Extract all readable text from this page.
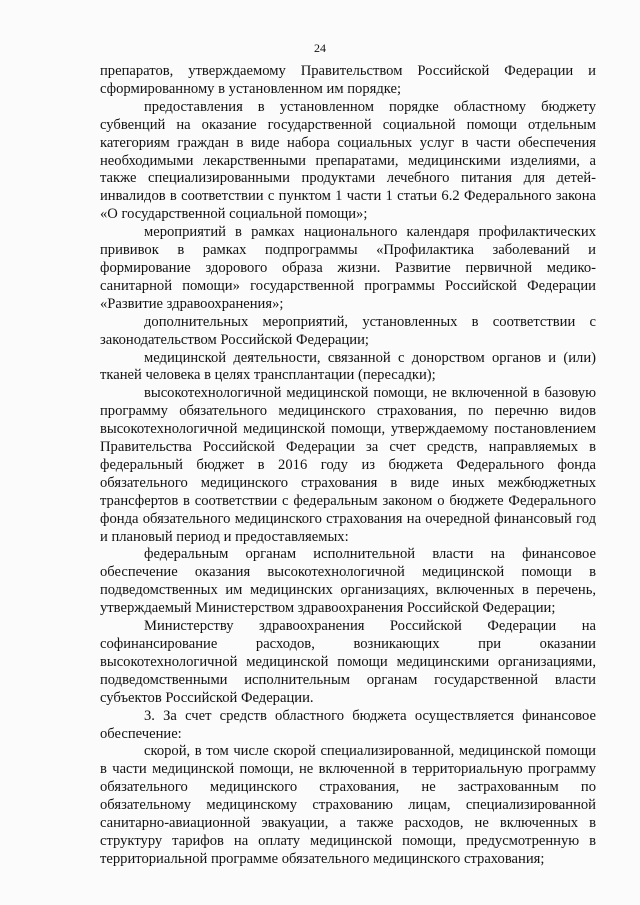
24

препаратов, утверждаемому Правительством Российской Федерации и сформированному в установленном им порядке;

предоставления в установленном порядке областному бюджету субвенций на оказание государственной социальной помощи отдельным категориям граждан в виде набора социальных услуг в части обеспечения необходимыми лекарственными препаратами, медицинскими изделиями, а также специализированными продуктами лечебного питания для детей-инвалидов в соответствии с пунктом 1 части 1 статьи 6.2 Федерального закона «О государственной социальной помощи»;

мероприятий в рамках национального календаря профилактических прививок в рамках подпрограммы «Профилактика заболеваний и формирование здорового образа жизни. Развитие первичной медико-санитарной помощи» государственной программы Российской Федерации «Развитие здравоохранения»;

дополнительных мероприятий, установленных в соответствии с законодательством Российской Федерации;

медицинской деятельности, связанной с донорством органов и (или) тканей человека в целях трансплантации (пересадки);

высокотехнологичной медицинской помощи, не включенной в базовую программу обязательного медицинского страхования, по перечню видов высокотехнологичной медицинской помощи, утверждаемому постановлением Правительства Российской Федерации за счет средств, направляемых в федеральный бюджет в 2016 году из бюджета Федерального фонда обязательного медицинского страхования в виде иных межбюджетных трансфертов в соответствии с федеральным законом о бюджете Федерального фонда обязательного медицинского страхования на очередной финансовый год и плановый период и предоставляемых:

федеральным органам исполнительной власти на финансовое обеспечение оказания высокотехнологичной медицинской помощи в подведомственных им медицинских организациях, включенных в перечень, утверждаемый Министерством здравоохранения Российской Федерации;

Министерству здравоохранения Российской Федерации на софинансирование расходов, возникающих при оказании высокотехнологичной медицинской помощи медицинскими организациями, подведомственными исполнительным органам государственной власти субъектов Российской Федерации.

3. За счет средств областного бюджета осуществляется финансовое обеспечение:

скорой, в том числе скорой специализированной, медицинской помощи в части медицинской помощи, не включенной в территориальную программу обязательного медицинского страхования, не застрахованным по обязательному медицинскому страхованию лицам, специализированной санитарно-авиационной эвакуации, а также расходов, не включенных в структуру тарифов на оплату медицинской помощи, предусмотренную в территориальной программе обязательного медицинского страхования;
